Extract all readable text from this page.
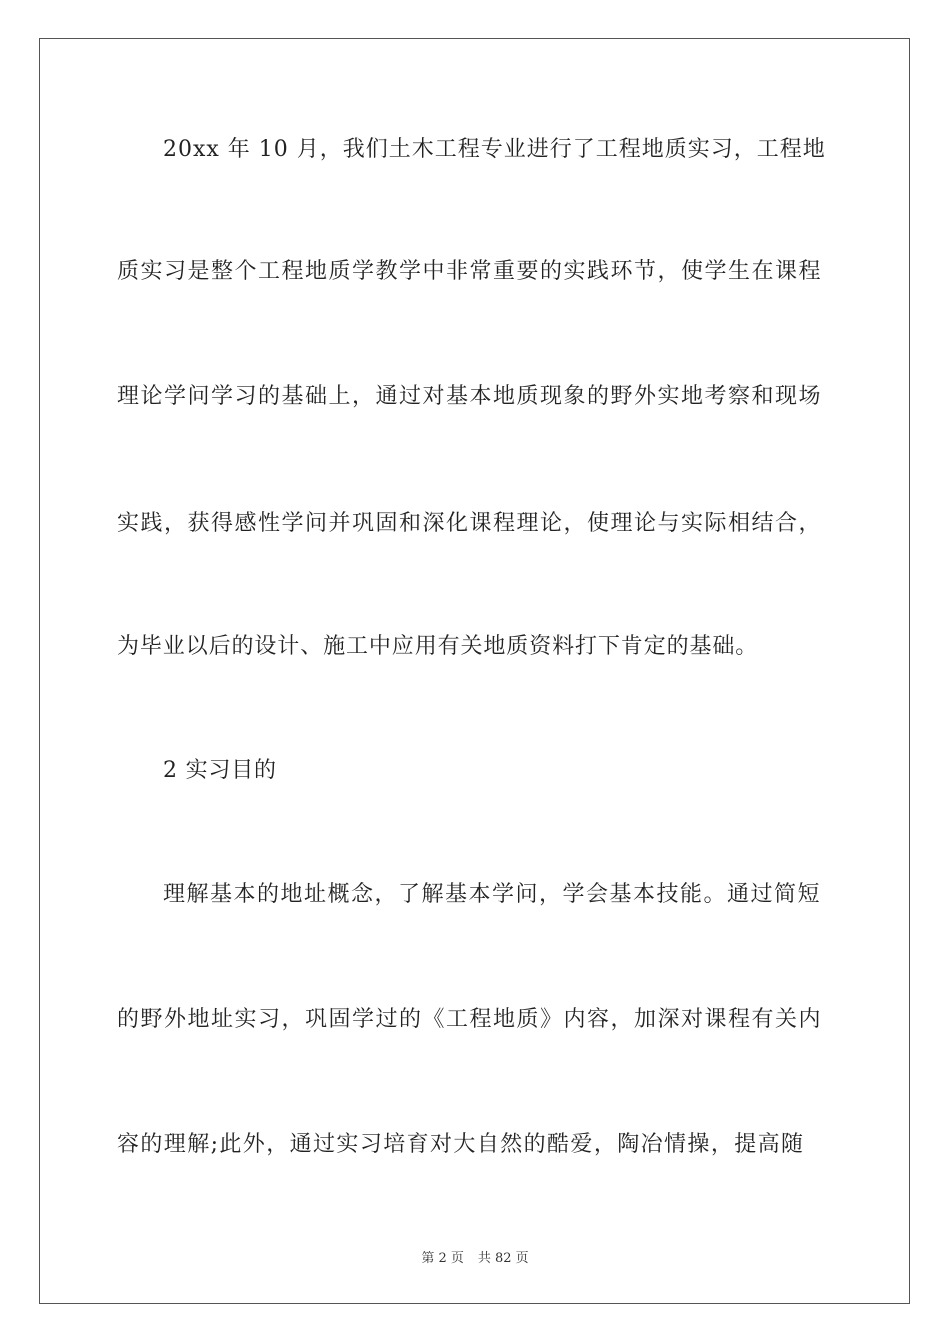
20xx 年 10 月，我们土木工程专业进行了工程地质实习，工程地
质实习是整个工程地质学教学中非常重要的实践环节，使学生在课程
理论学问学习的基础上，通过对基本地质现象的野外实地考察和现场
实践，获得感性学问并巩固和深化课程理论，使理论与实际相结合，
为毕业以后的设计、施工中应用有关地质资料打下肯定的基础。
2 实习目的
理解基本的地址概念，了解基本学问，学会基本技能。通过简短
的野外地址实习，巩固学过的《工程地质》内容，加深对课程有关内
容的理解;此外，通过实习培育对大自然的酷爱，陶冶情操，提高随
第 2 页 共 82 页
